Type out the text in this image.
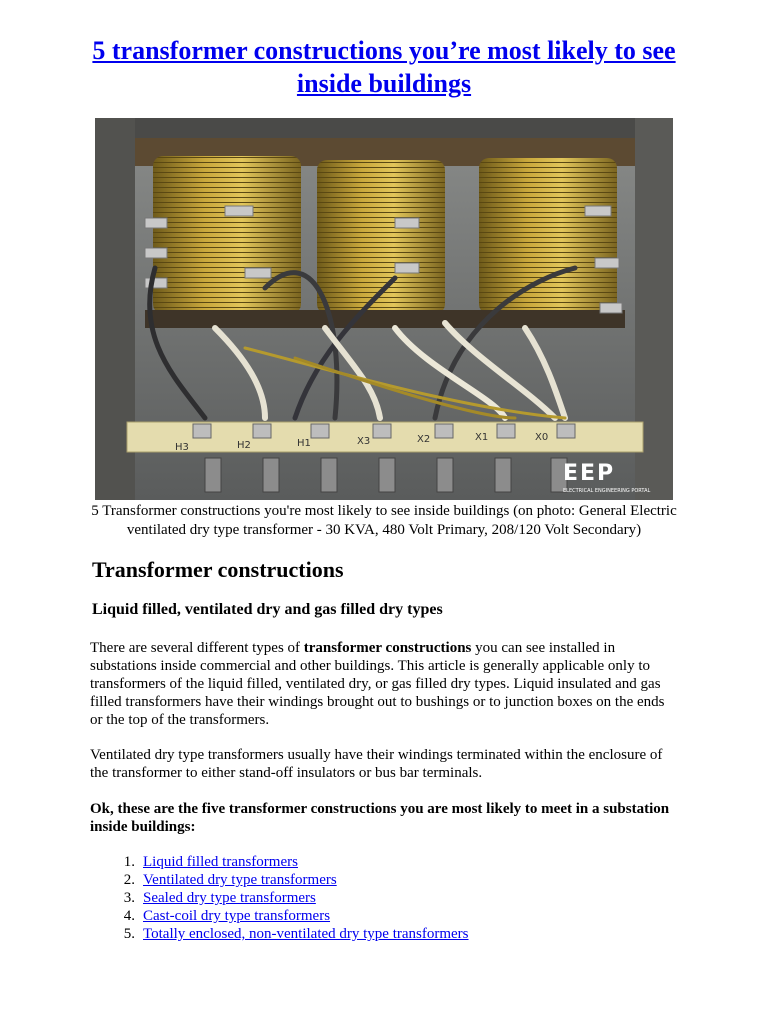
5 transformer constructions you’re most likely to see inside buildings
H3	H2	H1	X3	X2	X1	X0
EEP
ELECTRICAL ENGINEERING PORTAL

5 Transformer constructions you're most likely to see inside buildings (on photo: General Electric ventilated dry type transformer - 30 KVA, 480 Volt Primary, 208/120 Volt Secondary)

Transformer constructions
Liquid filled, ventilated dry and gas filled dry types

There are several different types of transformer constructions you can see installed in substations inside commercial and other buildings. This article is generally applicable only to transformers of the liquid filled, ventilated dry, or gas filled dry types. Liquid insulated and gas filled transformers have their windings brought out to bushings or to junction boxes on the ends or the top of the transformers.

Ventilated dry type transformers usually have their windings terminated within the enclosure of the transformer to either stand-off insulators or bus bar terminals.

Ok, these are the five transformer constructions you are most likely to meet in a substation inside buildings:

1. Liquid filled transformers
2. Ventilated dry type transformers
3. Sealed dry type transformers
4. Cast-coil dry type transformers
5. Totally enclosed, non-ventilated dry type transformers
